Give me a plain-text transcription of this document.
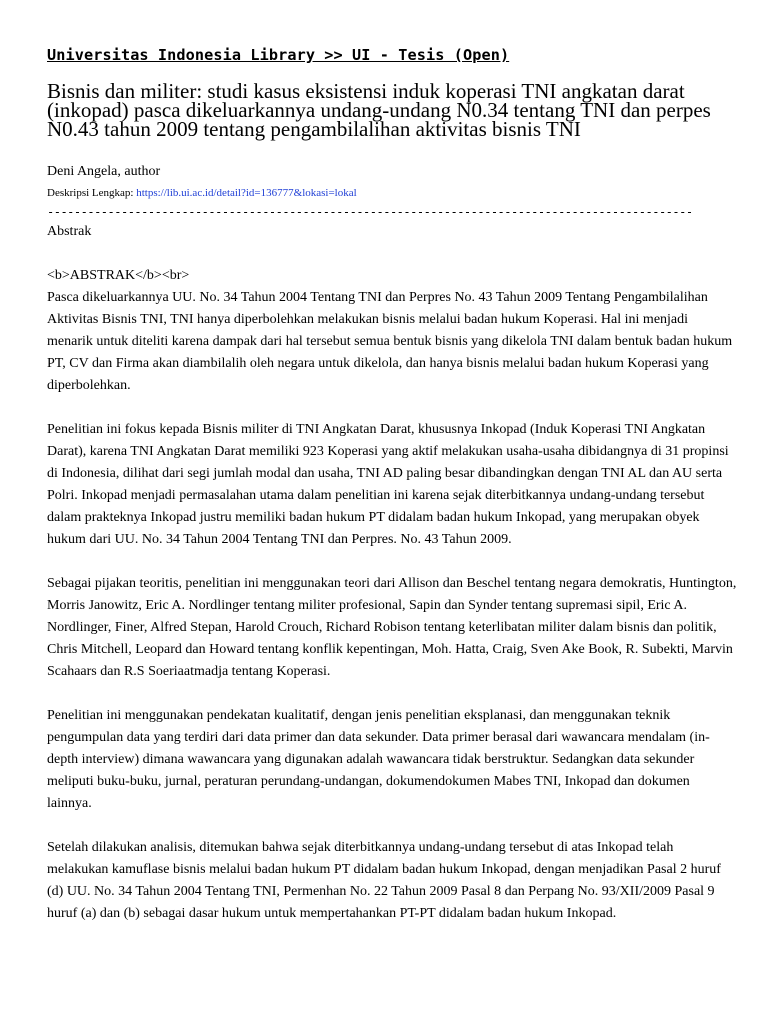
Universitas Indonesia Library >> UI - Tesis (Open)
Bisnis dan militer: studi kasus eksistensi induk koperasi TNI angkatan darat (inkopad) pasca dikeluarkannya undang-undang N0.34 tentang TNI dan perpes N0.43 tahun 2009 tentang pengambilalihan aktivitas bisnis TNI
Deni Angela, author
Deskripsi Lengkap: https://lib.ui.ac.id/detail?id=136777&lokasi=lokal
------------------------------------------------------------------------------------------------

Abstrak

<b>ABSTRAK</b><br>

Pasca dikeluarkannya UU. No. 34 Tahun 2004 Tentang TNI dan Perpres No. 43 Tahun 2009 Tentang Pengambilalihan Aktivitas Bisnis TNI, TNI hanya diperbolehkan melakukan bisnis melalui badan hukum Koperasi. Hal ini menjadi menarik untuk diteliti karena dampak dari hal tersebut semua bentuk bisnis yang dikelola TNI dalam bentuk badan hukum PT, CV dan Firma akan diambilalih oleh negara untuk dikelola, dan hanya bisnis melalui badan hukum Koperasi yang diperbolehkan.

Penelitian ini fokus kepada Bisnis militer di TNI Angkatan Darat, khususnya Inkopad (Induk Koperasi TNI Angkatan Darat), karena TNI Angkatan Darat memiliki 923 Koperasi yang aktif melakukan usaha-usaha dibidangnya di 31 propinsi di Indonesia, dilihat dari segi jumlah modal dan usaha, TNI AD paling besar dibandingkan dengan TNI AL dan AU serta Polri. Inkopad menjadi permasalahan utama dalam penelitian ini karena sejak diterbitkannya undang-undang tersebut dalam prakteknya Inkopad justru memiliki badan hukum PT didalam badan hukum Inkopad, yang merupakan obyek hukum dari UU. No. 34 Tahun 2004 Tentang TNI dan Perpres. No. 43 Tahun 2009.

Sebagai pijakan teoritis, penelitian ini menggunakan teori dari Allison dan Beschel tentang negara demokratis, Huntington, Morris Janowitz, Eric A. Nordlinger tentang militer profesional, Sapin dan Synder tentang supremasi sipil, Eric A. Nordlinger, Finer, Alfred Stepan, Harold Crouch, Richard Robison tentang keterlibatan militer dalam bisnis dan politik, Chris Mitchell, Leopard dan Howard tentang konflik kepentingan, Moh. Hatta, Craig, Sven Ake Book, R. Subekti, Marvin Scahaars dan R.S Soeriaatmadja tentang Koperasi.

Penelitian ini menggunakan pendekatan kualitatif, dengan jenis penelitian eksplanasi, dan menggunakan teknik pengumpulan data yang terdiri dari data primer dan data sekunder. Data primer berasal dari wawancara mendalam (in-depth interview) dimana wawancara yang digunakan adalah wawancara tidak berstruktur. Sedangkan data sekunder meliputi buku-buku, jurnal, peraturan perundang-undangan, dokumendokumen Mabes TNI, Inkopad dan dokumen lainnya.

Setelah dilakukan analisis, ditemukan bahwa sejak diterbitkannya undang-undang tersebut di atas Inkopad telah melakukan kamuflase bisnis melalui badan hukum PT didalam badan hukum Inkopad, dengan menjadikan Pasal 2 huruf (d) UU. No. 34 Tahun 2004 Tentang TNI, Permenhan No. 22 Tahun 2009 Pasal 8 dan Perpang No. 93/XII/2009 Pasal 9 huruf (a) dan (b) sebagai dasar hukum untuk mempertahankan PT-PT didalam badan hukum Inkopad.
